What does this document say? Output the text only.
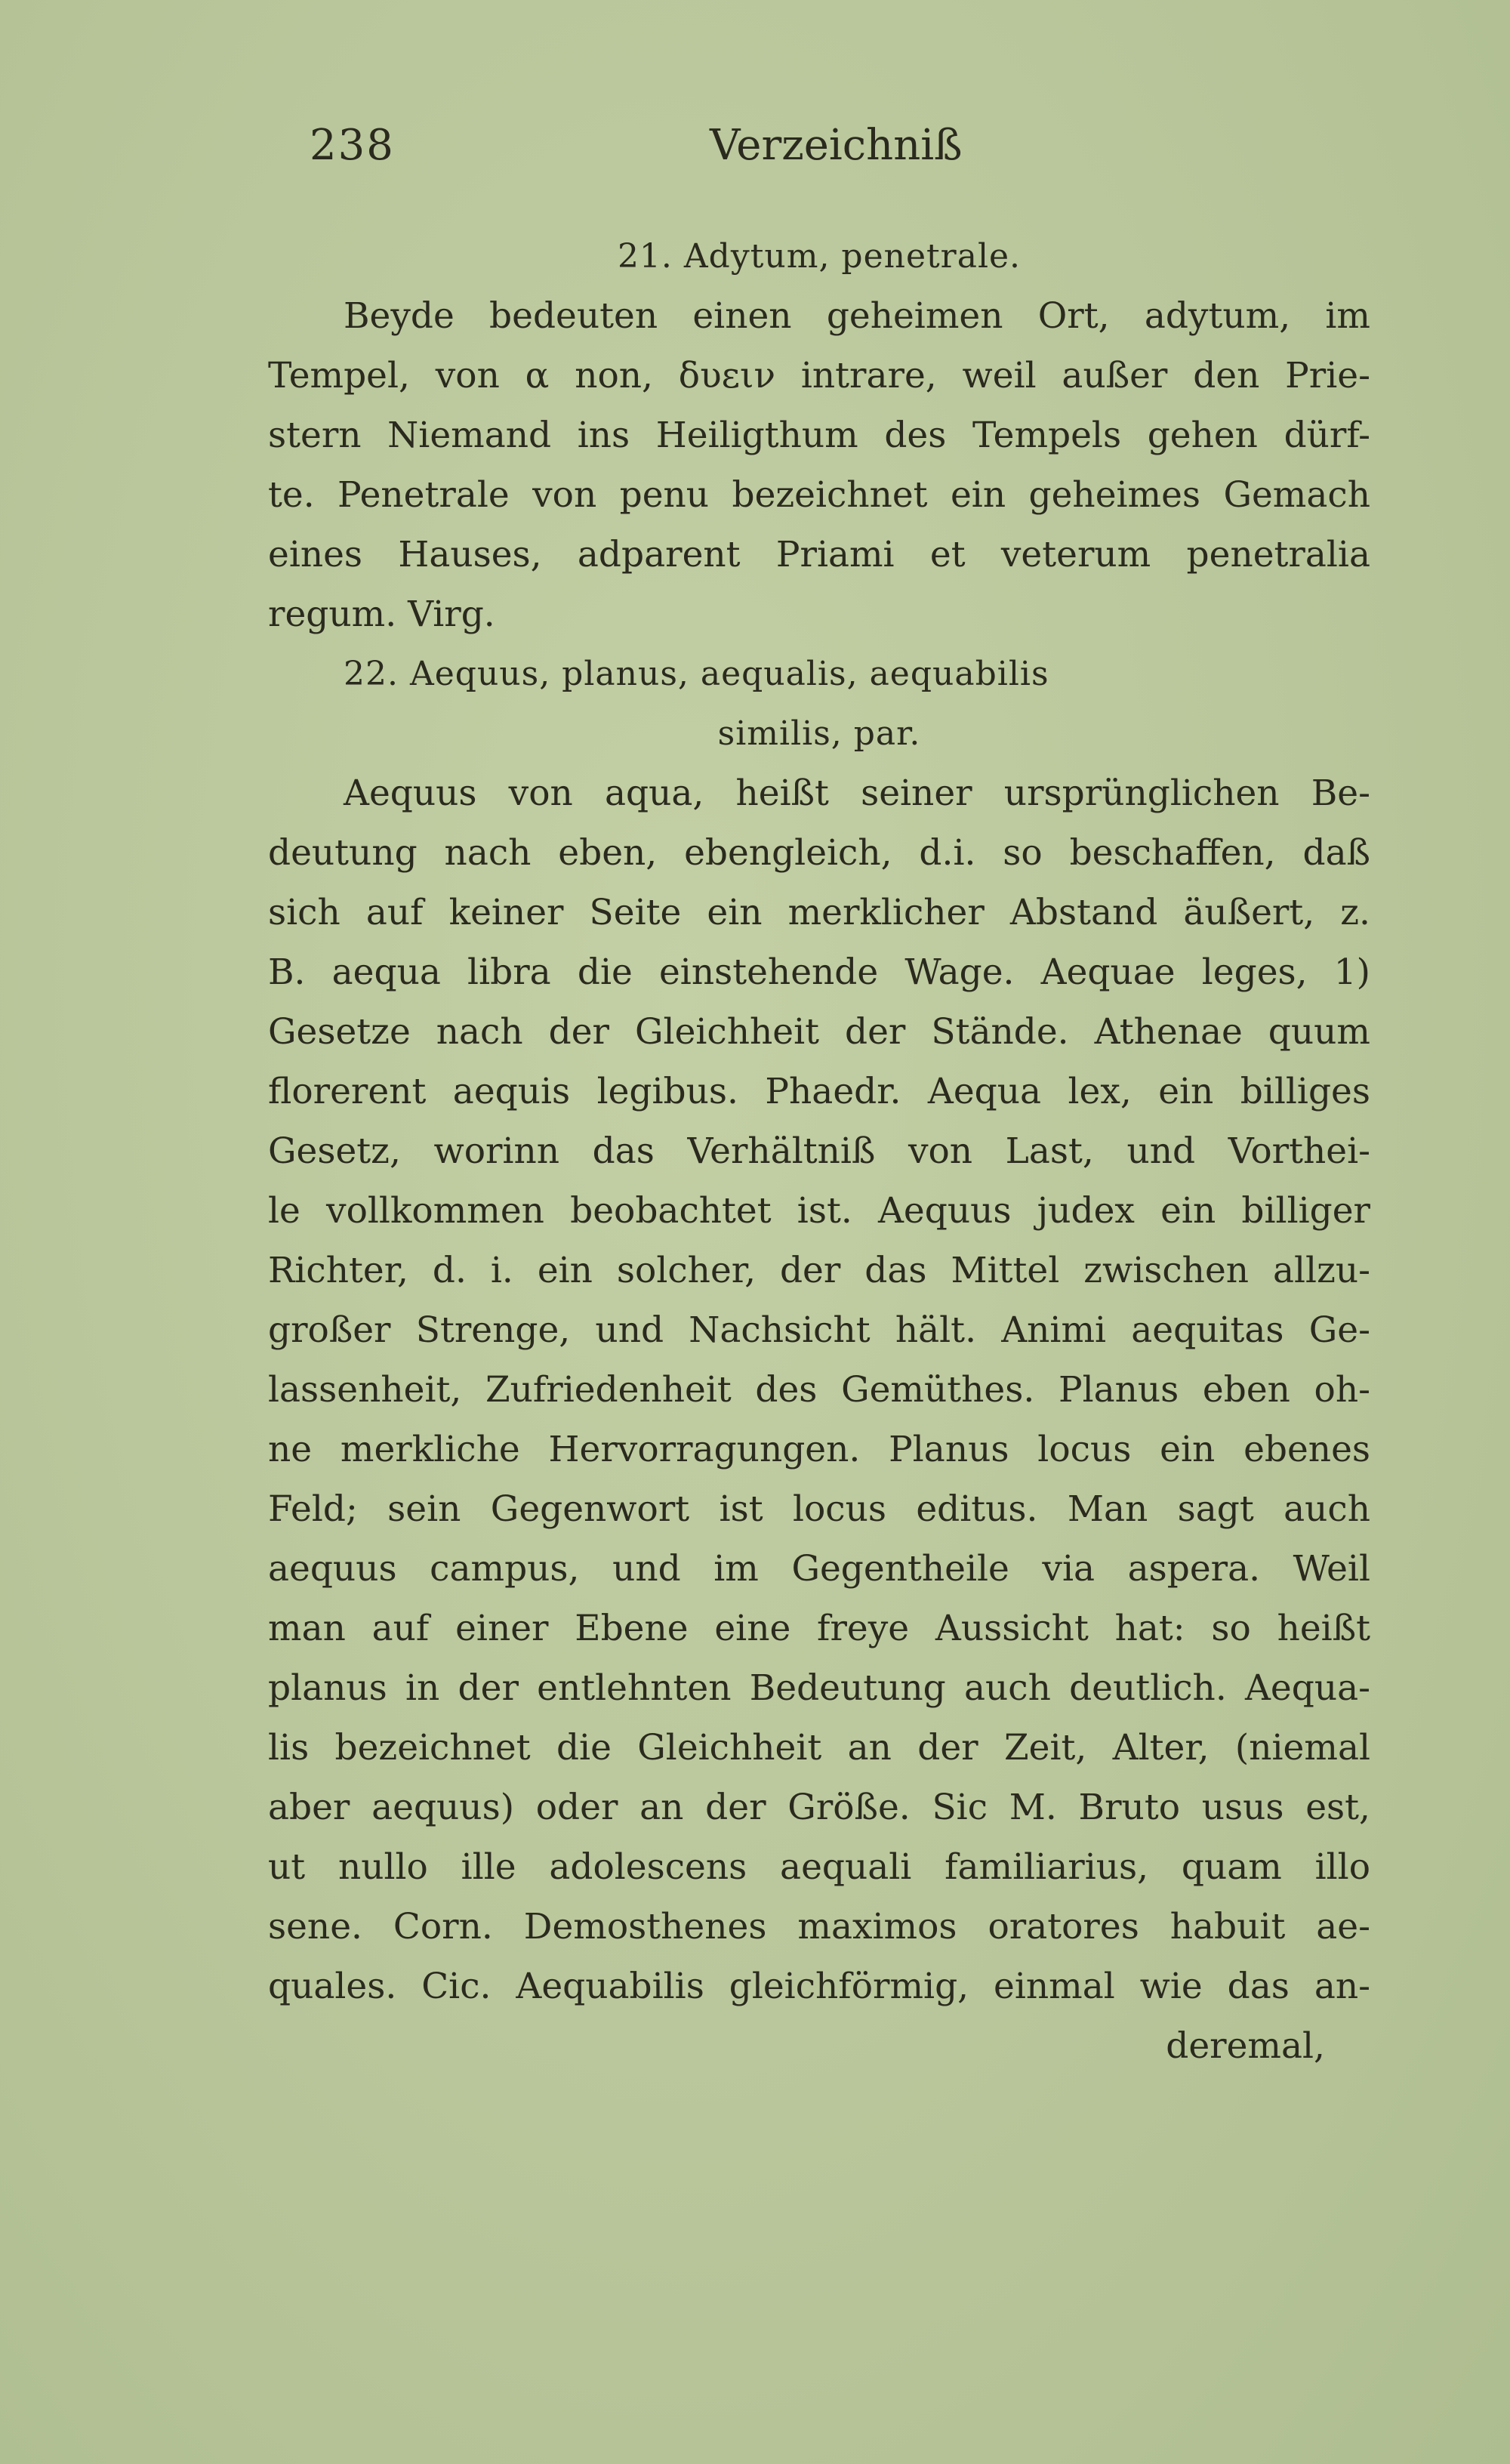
238	Verzeichniß
21. Adytum, penetrale.
Beyde bedeuten einen geheimen Ort, adytum, im
Tempel, von α non, δυειν intrare, weil außer den Prie-
stern Niemand ins Heiligthum des Tempels gehen dürf-
te. Penetrale von penu bezeichnet ein geheimes Gemach
eines Hauses, adparent Priami et veterum penetralia
regum. Virg.
22. Aequus, planus, aequalis, aequabilis
similis, par.
Aequus von aqua, heißt seiner ursprünglichen Be-
deutung nach eben, ebengleich, d.i. so beschaffen, daß
sich auf keiner Seite ein merklicher Abstand äußert, z.
B. aequa libra die einstehende Wage. Aequae leges, 1)
Gesetze nach der Gleichheit der Stände. Athenae quum
florerent aequis legibus. Phaedr. Aequa lex, ein billiges
Gesetz, worinn das Verhältniß von Last, und Vorthei-
le vollkommen beobachtet ist. Aequus judex ein billiger
Richter, d. i. ein solcher, der das Mittel zwischen allzu-
großer Strenge, und Nachsicht hält. Animi aequitas Ge-
lassenheit, Zufriedenheit des Gemüthes. Planus eben oh-
ne merkliche Hervorragungen. Planus locus ein ebenes
Feld; sein Gegenwort ist locus editus. Man sagt auch
aequus campus, und im Gegentheile via aspera. Weil
man auf einer Ebene eine freye Aussicht hat: so heißt
planus in der entlehnten Bedeutung auch deutlich. Aequa-
lis bezeichnet die Gleichheit an der Zeit, Alter, (niemal
aber aequus) oder an der Größe. Sic M. Bruto usus est,
ut nullo ille adolescens aequali familiarius, quam illo
sene. Corn. Demosthenes maximos oratores habuit ae-
quales. Cic. Aequabilis gleichförmig, einmal wie das an-
deremal,
